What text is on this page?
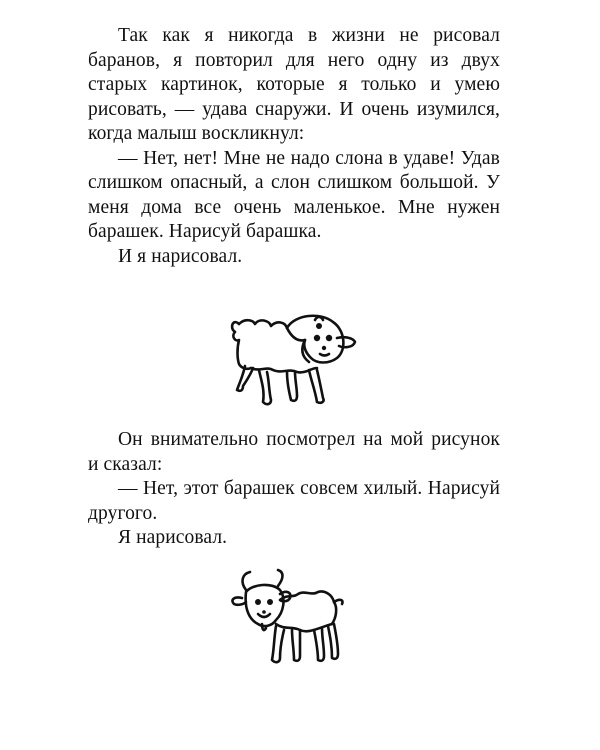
Так как я никогда в жизни не рисовал баранов, я повторил для него одну из двух старых картинок, которые я только и умею рисовать, — удава снаружи. И очень изумился, когда малыш воскликнул:

— Нет, нет! Мне не надо слона в удаве! Удав слишком опасный, а слон слишком большой. У меня дома все очень маленькое. Мне нужен барашек. Нарисуй барашка.

И я нарисовал.

Он внимательно посмотрел на мой рисунок и сказал:

— Нет, этот барашек совсем хилый. Нарисуй другого.

Я нарисовал.
